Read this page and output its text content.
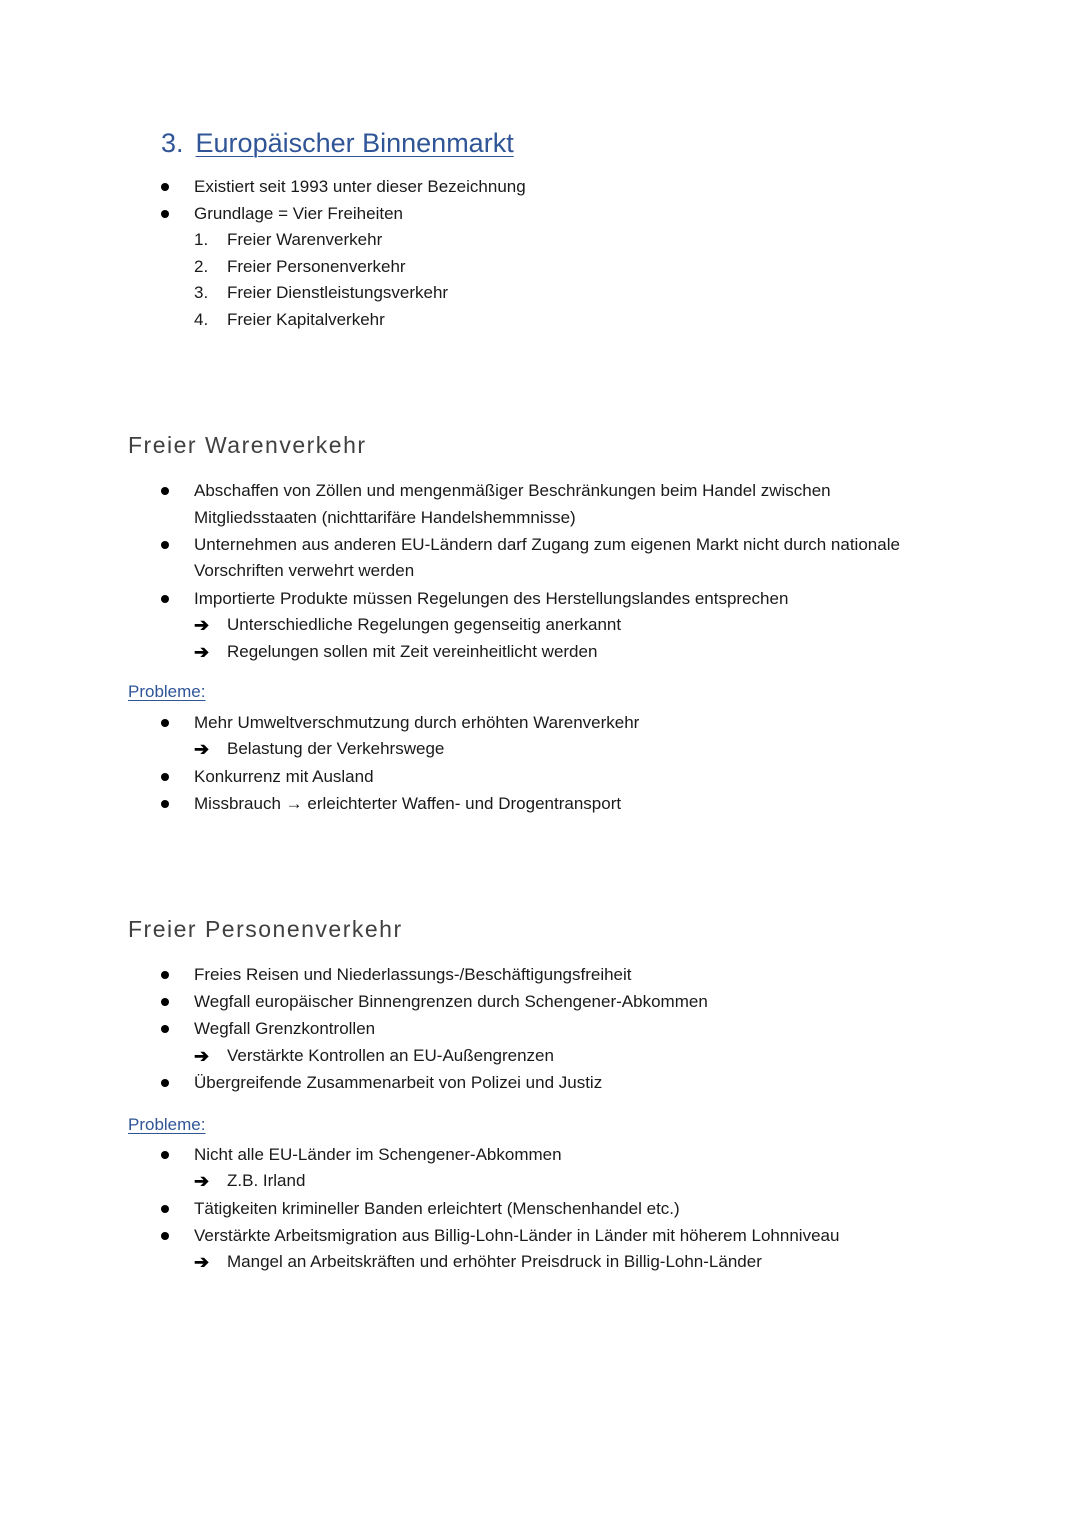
3. Europäischer Binnenmarkt
Existiert seit 1993 unter dieser Bezeichnung
Grundlage = Vier Freiheiten
1. Freier Warenverkehr
2. Freier Personenverkehr
3. Freier Dienstleistungsverkehr
4. Freier Kapitalverkehr
Freier Warenverkehr
Abschaffen von Zöllen und mengenmäßiger Beschränkungen beim Handel zwischen
Mitgliedsstaaten (nichttarifäre Handelshemmnisse)
Unternehmen aus anderen EU-Ländern darf Zugang zum eigenen Markt nicht durch nationale
Vorschriften verwehrt werden
Importierte Produkte müssen Regelungen des Herstellungslandes entsprechen
➔ Unterschiedliche Regelungen gegenseitig anerkannt
➔ Regelungen sollen mit Zeit vereinheitlicht werden
Probleme:
Mehr Umweltverschmutzung durch erhöhten Warenverkehr
➔ Belastung der Verkehrswege
Konkurrenz mit Ausland
Missbrauch → erleichterter Waffen- und Drogentransport
Freier Personenverkehr
Freies Reisen und Niederlassungs-/Beschäftigungsfreiheit
Wegfall europäischer Binnengrenzen durch Schengener-Abkommen
Wegfall Grenzkontrollen
➔ Verstärkte Kontrollen an EU-Außengrenzen
Übergreifende Zusammenarbeit von Polizei und Justiz
Probleme:
Nicht alle EU-Länder im Schengener-Abkommen
➔ Z.B. Irland
Tätigkeiten krimineller Banden erleichtert (Menschenhandel etc.)
Verstärkte Arbeitsmigration aus Billig-Lohn-Länder in Länder mit höherem Lohnniveau
➔ Mangel an Arbeitskräften und erhöhter Preisdruck in Billig-Lohn-Länder
